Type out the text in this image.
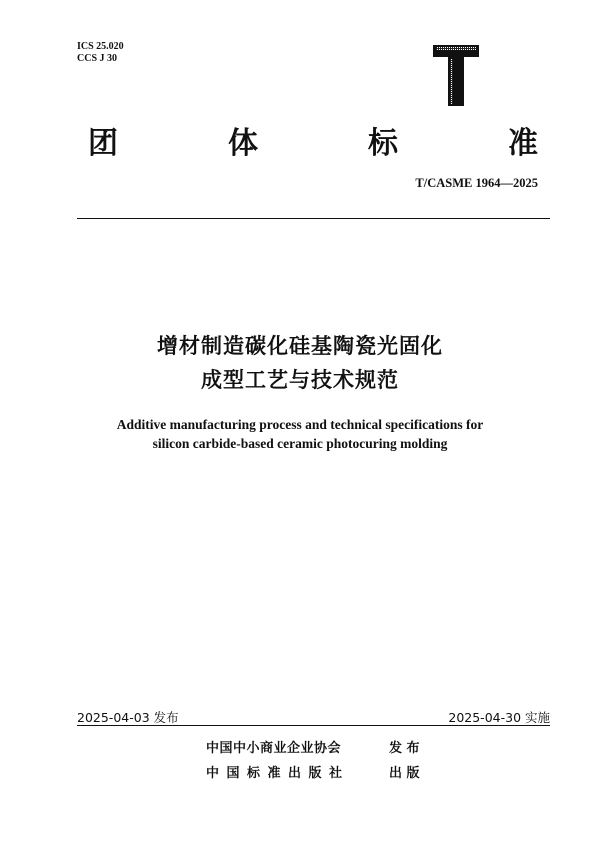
ICS 25.020
CCS J 30
团	体	标	准
T/CASME 1964—2025
增材制造碳化硅基陶瓷光固化
成型工艺与技术规范
Additive manufacturing process and technical specifications for
silicon carbide-based ceramic photocuring molding
2025-04-03 发布	2025-04-30 实施
中国中小商业企业协会	发 布
中国标准出版社	出 版
